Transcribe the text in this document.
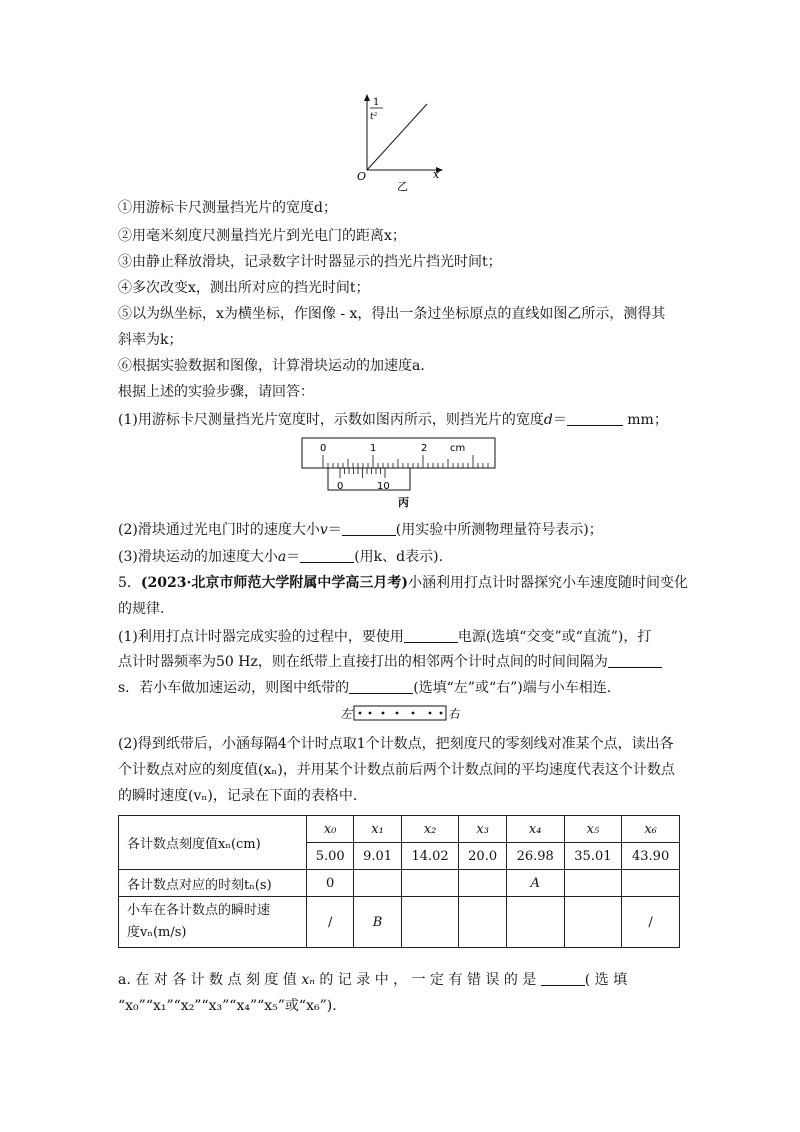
1
t²
x
O
乙
①用游标卡尺测量挡光片的宽度d；
②用毫米刻度尺测量挡光片到光电门的距离x；
③由静止释放滑块，记录数字计时器显示的挡光片挡光时间t；
④多次改变x，测出所对应的挡光时间t；
⑤以为纵坐标，x为横坐标，作图像 - x，得出一条过坐标原点的直线如图乙所示，测得其
斜率为k；
⑥根据实验数据和图像，计算滑块运动的加速度a.
根据上述的实验步骤，请回答：
(1)用游标卡尺测量挡光片宽度时，示数如图丙所示，则挡光片的宽度d＝	mm；
0	1	2 cm
0	10
丙
(2)滑块通过光电门时的速度大小v＝	(用实验中所测物理量符号表示)；
(3)滑块运动的加速度大小a＝	(用k、d表示).
5．(2023·北京市师范大学附属中学高三月考)小涵利用打点计时器探究小车速度随时间变化
的规律.
(1)利用打点计时器完成实验的过程中，要使用	电源(选填“交变”或“直流”)，打
点计时器频率为50 Hz，则在纸带上直接打出的相邻两个计时点间的时间间隔为
s．若小车做加速运动，则图中纸带的	(选填“左”或“右”)端与小车相连.
左	右
(2)得到纸带后，小涵每隔4个计时点取1个计数点，把刻度尺的零刻线对准某个点，读出各
个计数点对应的刻度值(xₙ)，并用某个计数点前后两个计数点间的平均速度代表这个计数点
的瞬时速度(vₙ)，记录在下面的表格中.
各计数点刻度值xₙ(cm)	x₀	x₁	x₂	x₃	x₄	x₅	x₆
	5.00	9.01	14.02	20.0	26.98	35.01	43.90
各计数点对应的时刻tₙ(s)	0				A		
小车在各计数点的瞬时速
度vₙ(m/s)	/	B					/
a. 在 对 各 计 数 点 刻 度 值 xₙ 的 记 录 中 ， 一 定 有 错 误 的 是	( 选 填
“x₀”“x₁”“x₂”“x₃”“x₄”“x₅”或“x₆”).
